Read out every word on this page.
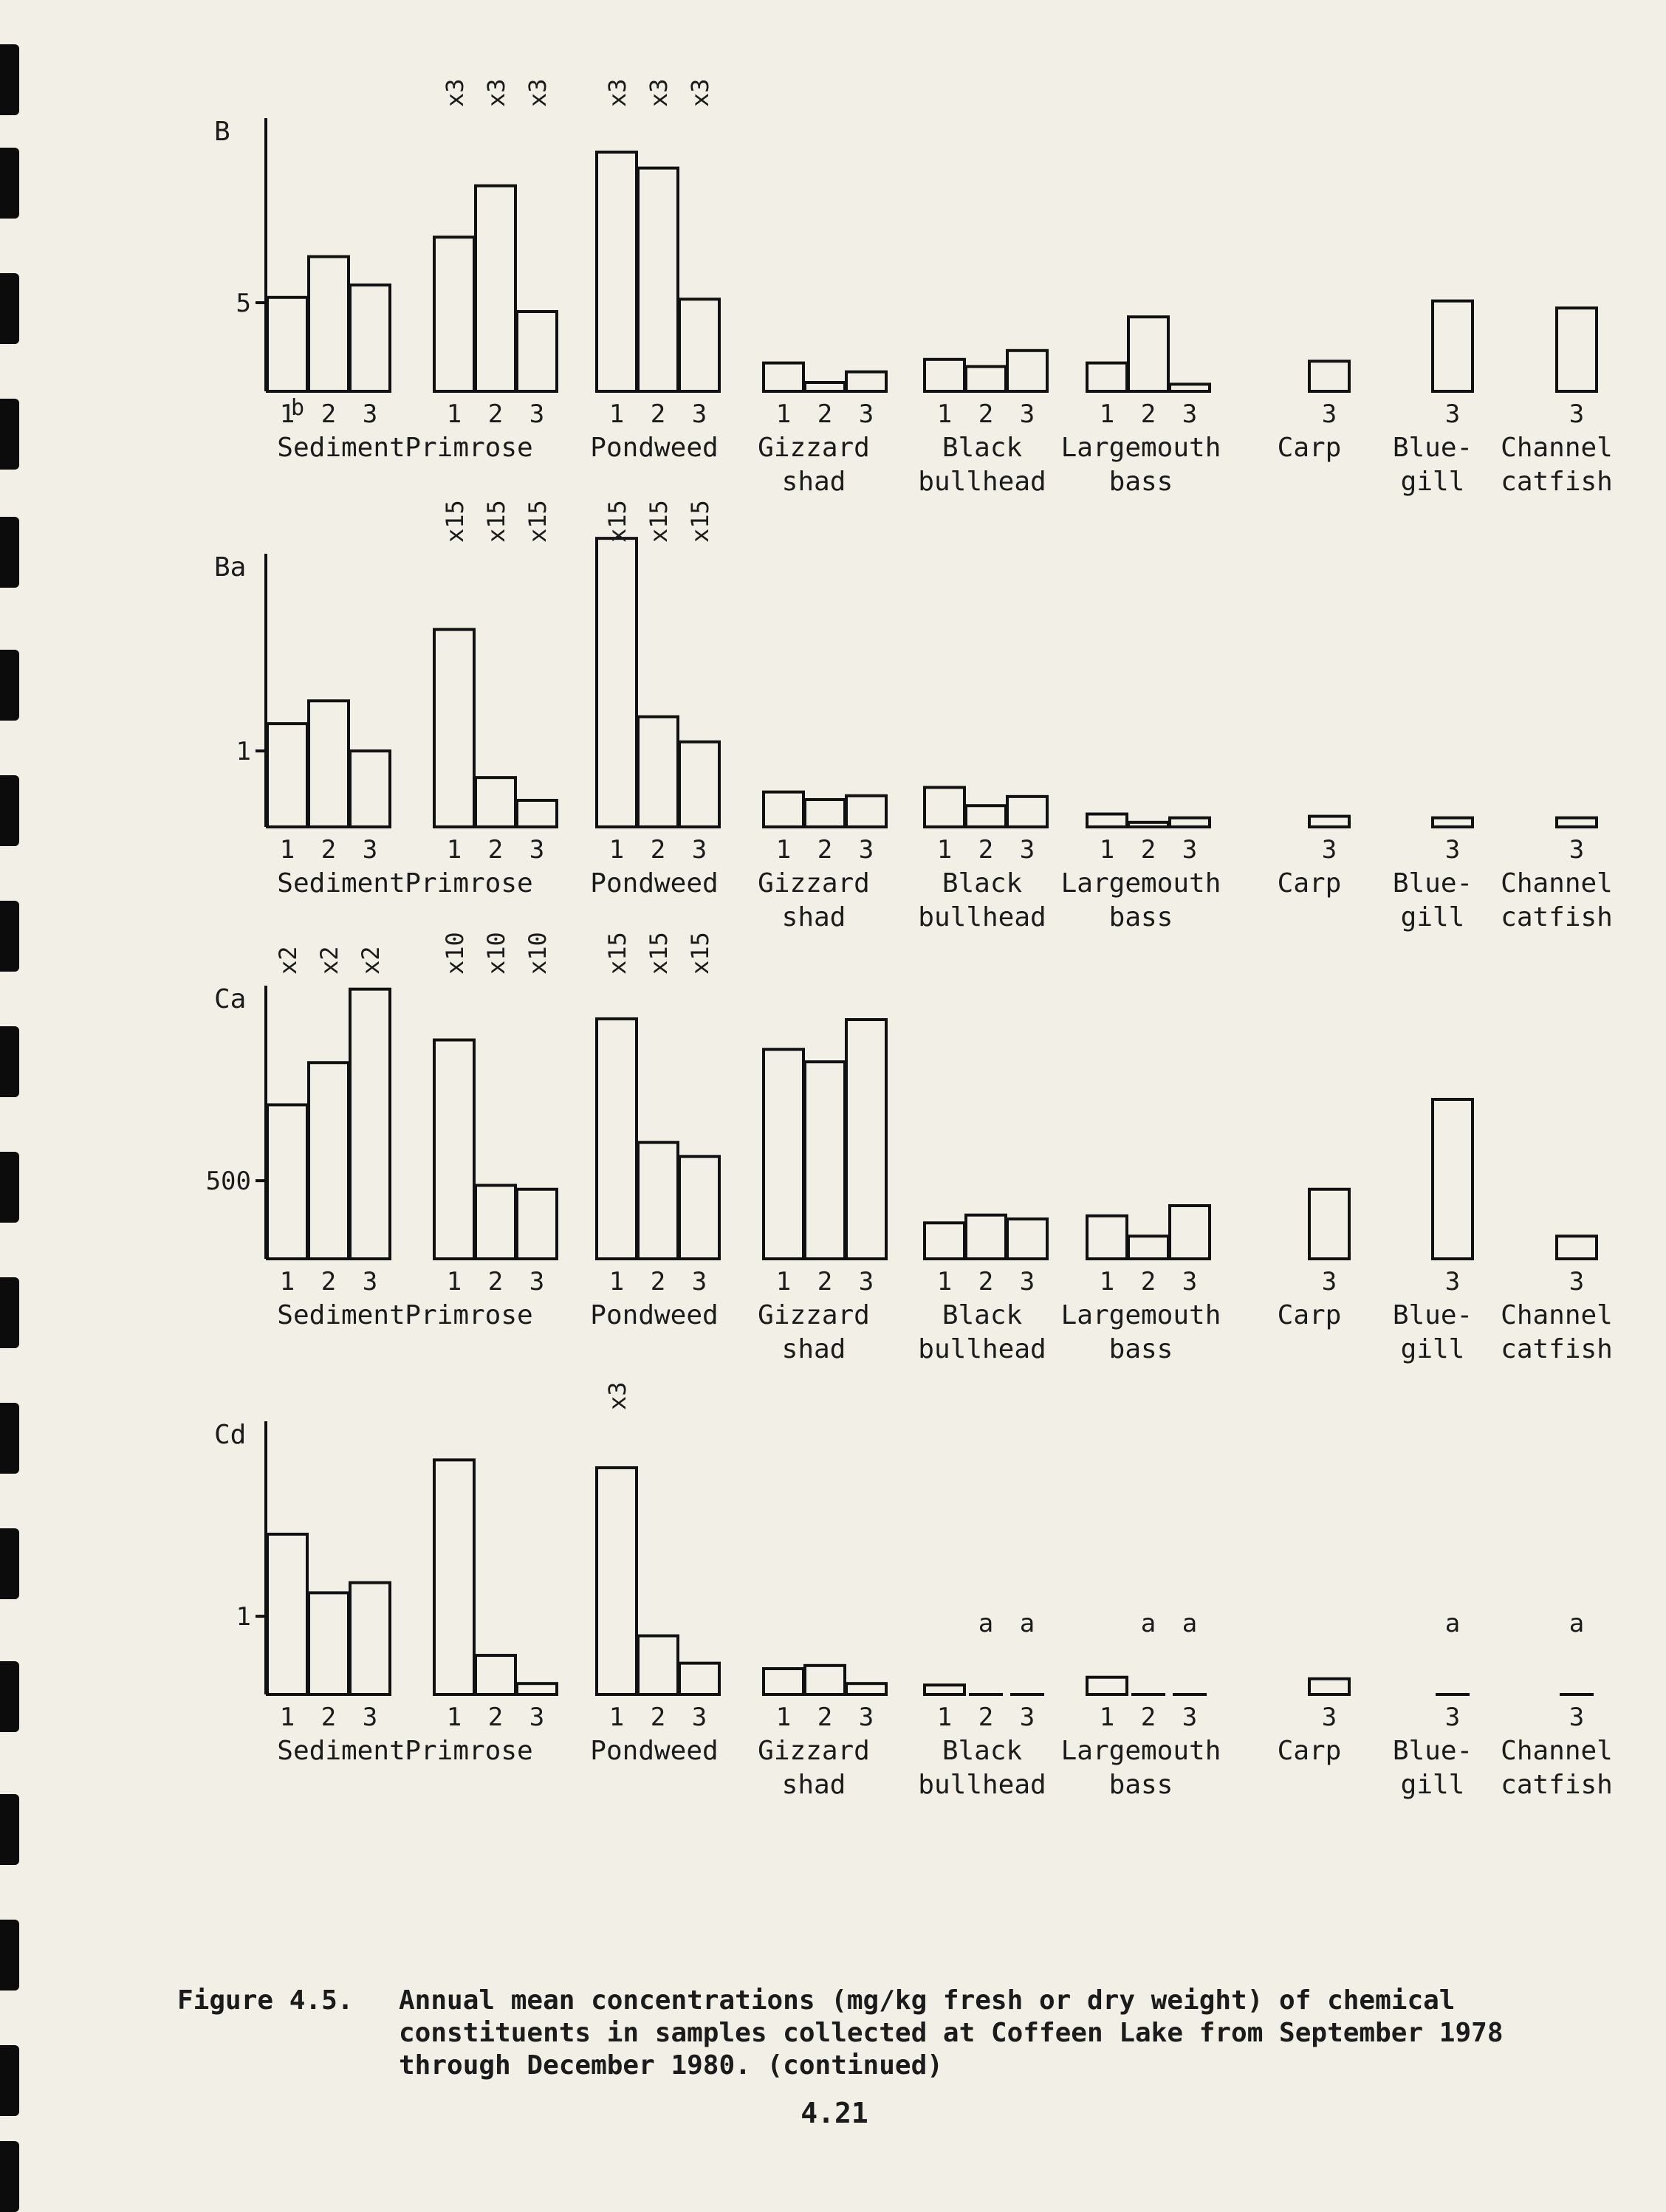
B
5
1
b 2 3
Sediment
1
x3
2
x3
3
x3
Primrose
1
x3
2
x3
3
x3
Pondweed
1 2 3
Gizzard
shad
1 2 3
Black
bullhead
1 2 3
Largemouth
bass
3
Carp
3
Blue-
gill
3
Channel
catfish
Ba
1
1 2 3
Sediment
1
x15
2
x15
3
x15
Primrose
1
x15
2
x15
3
x15
Pondweed
1 2 3
Gizzard
shad
1 2 3
Black
bullhead
1 2 3
Largemouth
bass
3
Carp
3
Blue-
gill
3
Channel
catfish
Ca
500
1
x2
2
x2
3
x2
Sediment
1
x10
2
x10
3
x10
Primrose
1
x15
2
x15
3
x15
Pondweed
1 2 3
Gizzard
shad
1 2 3
Black
bullhead
1 2 3
Largemouth
bass
3
Carp
3
Blue-
gill
3
Channel
catfish
Cd
1
1 2 3
Sediment
1 2 3
Primrose
1
x3
2 3
Pondweed
1 2 3
Gizzard
shad
1 2
a
3
a
Black
bullhead
1 2
a
3
a
Largemouth
bass
3
Carp
3
a
Blue-
gill
3
a
Channel
catfish
Figure 4.5.	Annual mean concentrations (mg/kg fresh or dry weight) of chemical constituents in samples collected at Coffeen Lake from September 1978 through December 1980. (continued)
4.21
